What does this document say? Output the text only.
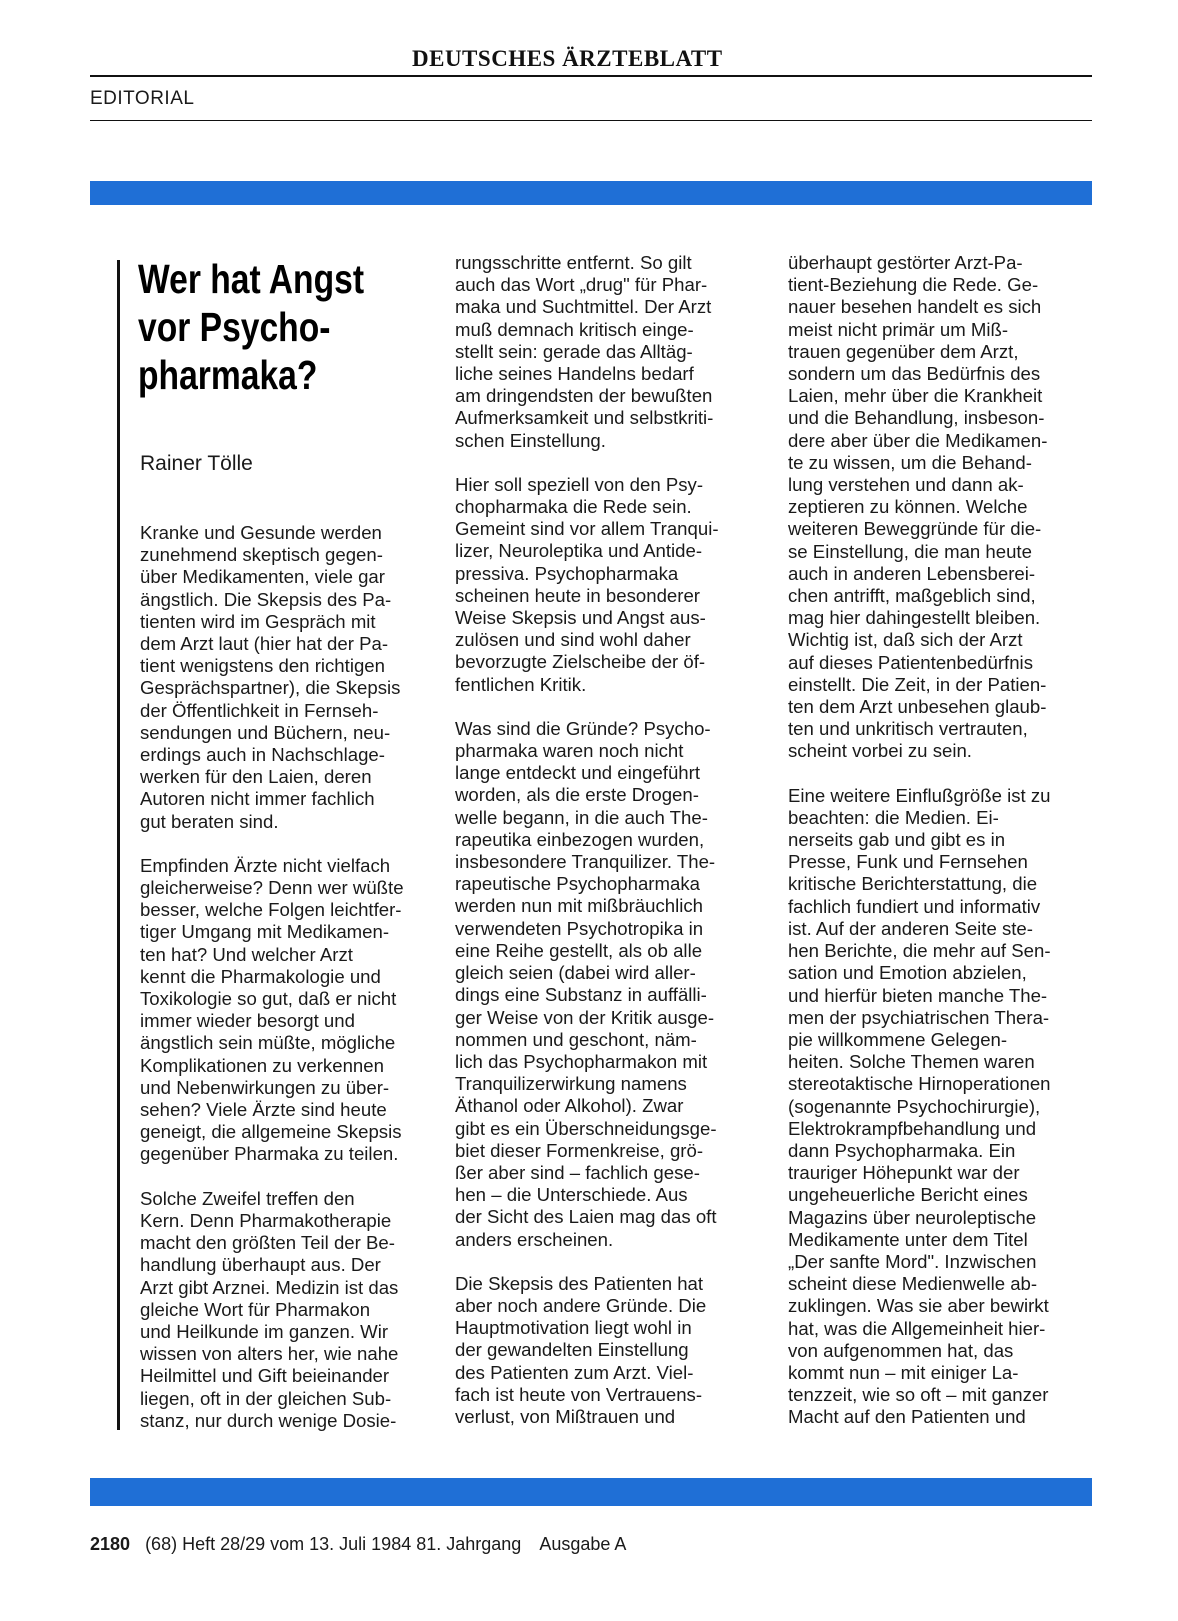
DEUTSCHES ÄRZTEBLATT
EDITORIAL
Wer hat Angst
vor Psycho-
pharmaka?
Rainer Tölle

Kranke und Gesunde werden
zunehmend skeptisch gegen-
über Medikamenten, viele gar
ängstlich. Die Skepsis des Pa-
tienten wird im Gespräch mit
dem Arzt laut (hier hat der Pa-
tient wenigstens den richtigen
Gesprächspartner), die Skepsis
der Öffentlichkeit in Fernseh-
sendungen und Büchern, neu-
erdings auch in Nachschlage-
werken für den Laien, deren
Autoren nicht immer fachlich
gut beraten sind.

Empfinden Ärzte nicht vielfach
gleicherweise? Denn wer wüßte
besser, welche Folgen leichtfer-
tiger Umgang mit Medikamen-
ten hat? Und welcher Arzt
kennt die Pharmakologie und
Toxikologie so gut, daß er nicht
immer wieder besorgt und
ängstlich sein müßte, mögliche
Komplikationen zu verkennen
und Nebenwirkungen zu über-
sehen? Viele Ärzte sind heute
geneigt, die allgemeine Skepsis
gegenüber Pharmaka zu teilen.

Solche Zweifel treffen den
Kern. Denn Pharmakotherapie
macht den größten Teil der Be-
handlung überhaupt aus. Der
Arzt gibt Arznei. Medizin ist das
gleiche Wort für Pharmakon
und Heilkunde im ganzen. Wir
wissen von alters her, wie nahe
Heilmittel und Gift beieinander
liegen, oft in der gleichen Sub-
stanz, nur durch wenige Dosie-

rungsschritte entfernt. So gilt
auch das Wort „drug" für Phar-
maka und Suchtmittel. Der Arzt
muß demnach kritisch einge-
stellt sein: gerade das Alltäg-
liche seines Handelns bedarf
am dringendsten der bewußten
Aufmerksamkeit und selbstkriti-
schen Einstellung.

Hier soll speziell von den Psy-
chopharmaka die Rede sein.
Gemeint sind vor allem Tranqui-
lizer, Neuroleptika und Antide-
pressiva. Psychopharmaka
scheinen heute in besonderer
Weise Skepsis und Angst aus-
zulösen und sind wohl daher
bevorzugte Zielscheibe der öf-
fentlichen Kritik.

Was sind die Gründe? Psycho-
pharmaka waren noch nicht
lange entdeckt und eingeführt
worden, als die erste Drogen-
welle begann, in die auch The-
rapeutika einbezogen wurden,
insbesondere Tranquilizer. The-
rapeutische Psychopharmaka
werden nun mit mißbräuchlich
verwendeten Psychotropika in
eine Reihe gestellt, als ob alle
gleich seien (dabei wird aller-
dings eine Substanz in auffälli-
ger Weise von der Kritik ausge-
nommen und geschont, näm-
lich das Psychopharmakon mit
Tranquilizerwirkung namens
Äthanol oder Alkohol). Zwar
gibt es ein Überschneidungsge-
biet dieser Formenkreise, grö-
ßer aber sind – fachlich gese-
hen – die Unterschiede. Aus
der Sicht des Laien mag das oft
anders erscheinen.

Die Skepsis des Patienten hat
aber noch andere Gründe. Die
Hauptmotivation liegt wohl in
der gewandelten Einstellung
des Patienten zum Arzt. Viel-
fach ist heute von Vertrauens-
verlust, von Mißtrauen und

überhaupt gestörter Arzt-Pa-
tient-Beziehung die Rede. Ge-
nauer besehen handelt es sich
meist nicht primär um Miß-
trauen gegenüber dem Arzt,
sondern um das Bedürfnis des
Laien, mehr über die Krankheit
und die Behandlung, insbeson-
dere aber über die Medikamen-
te zu wissen, um die Behand-
lung verstehen und dann ak-
zeptieren zu können. Welche
weiteren Beweggründe für die-
se Einstellung, die man heute
auch in anderen Lebensberei-
chen antrifft, maßgeblich sind,
mag hier dahingestellt bleiben.
Wichtig ist, daß sich der Arzt
auf dieses Patientenbedürfnis
einstellt. Die Zeit, in der Patien-
ten dem Arzt unbesehen glaub-
ten und unkritisch vertrauten,
scheint vorbei zu sein.

Eine weitere Einflußgröße ist zu
beachten: die Medien. Ei-
nerseits gab und gibt es in
Presse, Funk und Fernsehen
kritische Berichterstattung, die
fachlich fundiert und informativ
ist. Auf der anderen Seite ste-
hen Berichte, die mehr auf Sen-
sation und Emotion abzielen,
und hierfür bieten manche The-
men der psychiatrischen Thera-
pie willkommene Gelegen-
heiten. Solche Themen waren
stereotaktische Hirnoperationen
(sogenannte Psychochirurgie),
Elektrokrampfbehandlung und
dann Psychopharmaka. Ein
trauriger Höhepunkt war der
ungeheuerliche Bericht eines
Magazins über neuroleptische
Medikamente unter dem Titel
„Der sanfte Mord". Inzwischen
scheint diese Medienwelle ab-
zuklingen. Was sie aber bewirkt
hat, was die Allgemeinheit hier-
von aufgenommen hat, das
kommt nun – mit einiger La-
tenzzeit, wie so oft – mit ganzer
Macht auf den Patienten und

2180 (68) Heft 28/29 vom 13. Juli 1984 81. Jahrgang Ausgabe A
